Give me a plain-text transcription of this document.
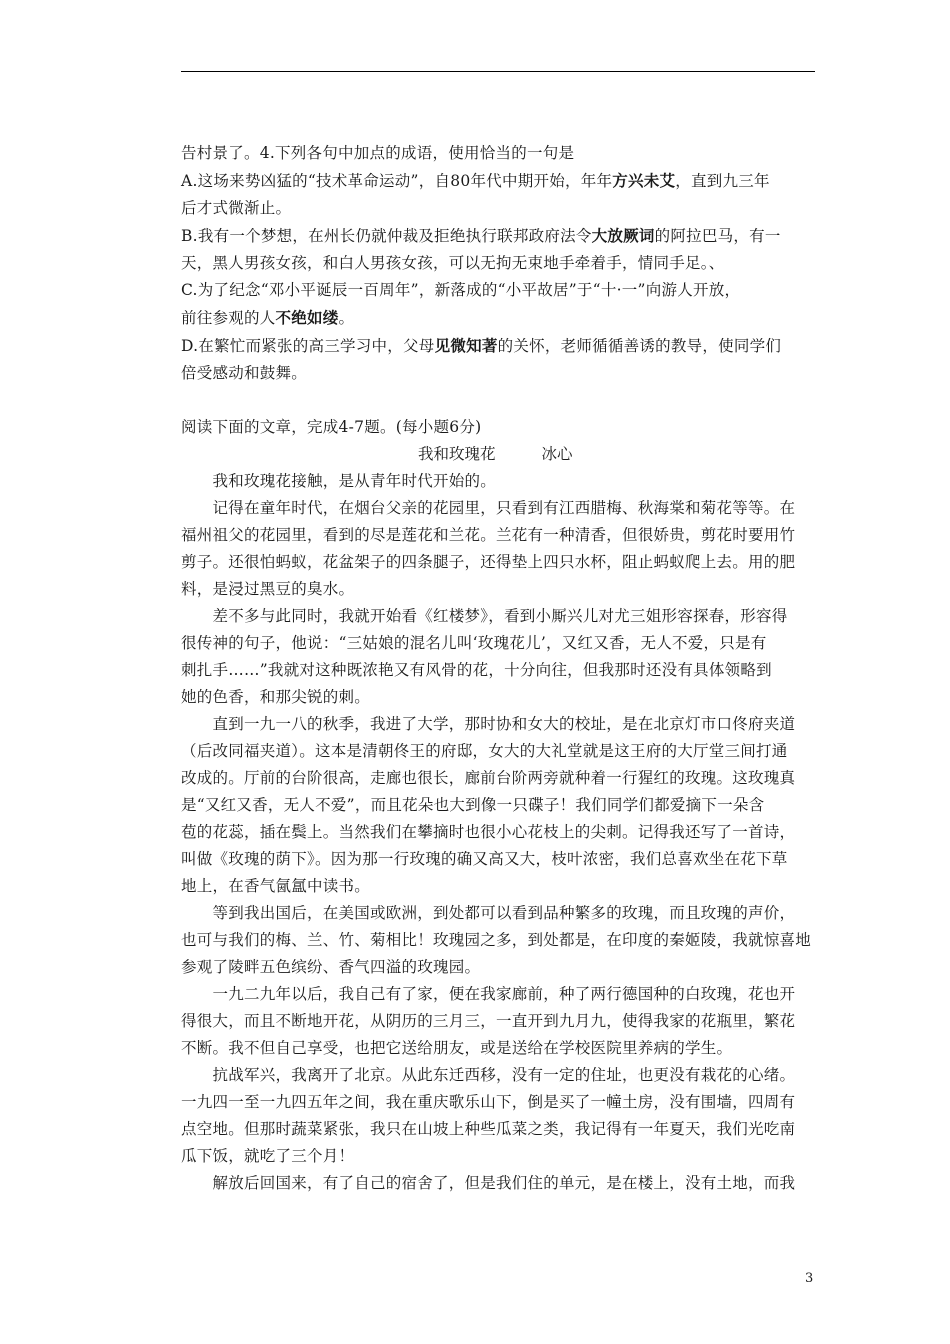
告村景了。4.下列各句中加点的成语，使用恰当的一句是
A.这场来势凶猛的“技术革命运动”，自80年代中期开始，年年方兴未艾，直到九三年
后才式微渐止。
B.我有一个梦想，在州长仍就仲裁及拒绝执行联邦政府法令大放厥词的阿拉巴马，有一
天，黑人男孩女孩，和白人男孩女孩，可以无拘无束地手牵着手，情同手足。、
C.为了纪念“邓小平诞辰一百周年”，新落成的“小平故居”于“十·一”向游人开放，
前往参观的人不绝如缕。
D.在繁忙而紧张的高三学习中，父母见微知著的关怀，老师循循善诱的教导，使同学们
倍受感动和鼓舞。
阅读下面的文章，完成4-7题。(每小题6分)
我和玫瑰花	冰心
　　我和玫瑰花接触，是从青年时代开始的。
　　记得在童年时代，在烟台父亲的花园里，只看到有江西腊梅、秋海棠和菊花等等。在
福州祖父的花园里，看到的尽是莲花和兰花。兰花有一种清香，但很娇贵，剪花时要用竹
剪子。还很怕蚂蚁，花盆架子的四条腿子，还得垫上四只水杯，阻止蚂蚁爬上去。用的肥
料，是浸过黑豆的臭水。
　　差不多与此同时，我就开始看《红楼梦》，看到小厮兴儿对尤三姐形容探春，形容得
很传神的句子，他说：“三姑娘的混名儿叫‘玫瑰花儿’，又红又香，无人不爱，只是有
刺扎手……”我就对这种既浓艳又有风骨的花，十分向往，但我那时还没有具体领略到
她的色香，和那尖锐的刺。
　　直到一九一八的秋季，我进了大学，那时协和女大的校址，是在北京灯市口佟府夹道
（后改同福夹道）。这本是清朝佟王的府邸，女大的大礼堂就是这王府的大厅堂三间打通
改成的。厅前的台阶很高，走廊也很长，廊前台阶两旁就种着一行猩红的玫瑰。这玫瑰真
是“又红又香，无人不爱”，而且花朵也大到像一只碟子！我们同学们都爱摘下一朵含
苞的花蕊，插在鬓上。当然我们在攀摘时也很小心花枝上的尖刺。记得我还写了一首诗，
叫做《玫瑰的荫下》。因为那一行玫瑰的确又高又大，枝叶浓密，我们总喜欢坐在花下草
地上，在香气氤氲中读书。
　　等到我出国后，在美国或欧洲，到处都可以看到品种繁多的玫瑰，而且玫瑰的声价，
也可与我们的梅、兰、竹、菊相比！玫瑰园之多，到处都是，在印度的秦姬陵，我就惊喜地
参观了陵畔五色缤纷、香气四溢的玫瑰园。
　　一九二九年以后，我自己有了家，便在我家廊前，种了两行德国种的白玫瑰，花也开
得很大，而且不断地开花，从阴历的三月三，一直开到九月九，使得我家的花瓶里，繁花
不断。我不但自己享受，也把它送给朋友，或是送给在学校医院里养病的学生。
　　抗战军兴，我离开了北京。从此东迁西移，没有一定的住址，也更没有栽花的心绪。
一九四一至一九四五年之间，我在重庆歌乐山下，倒是买了一幢土房，没有围墙，四周有
点空地。但那时蔬菜紧张，我只在山坡上种些瓜菜之类，我记得有一年夏天，我们光吃南
瓜下饭，就吃了三个月！
　　解放后回国来，有了自己的宿舍了，但是我们住的单元，是在楼上，没有土地，而我
3
